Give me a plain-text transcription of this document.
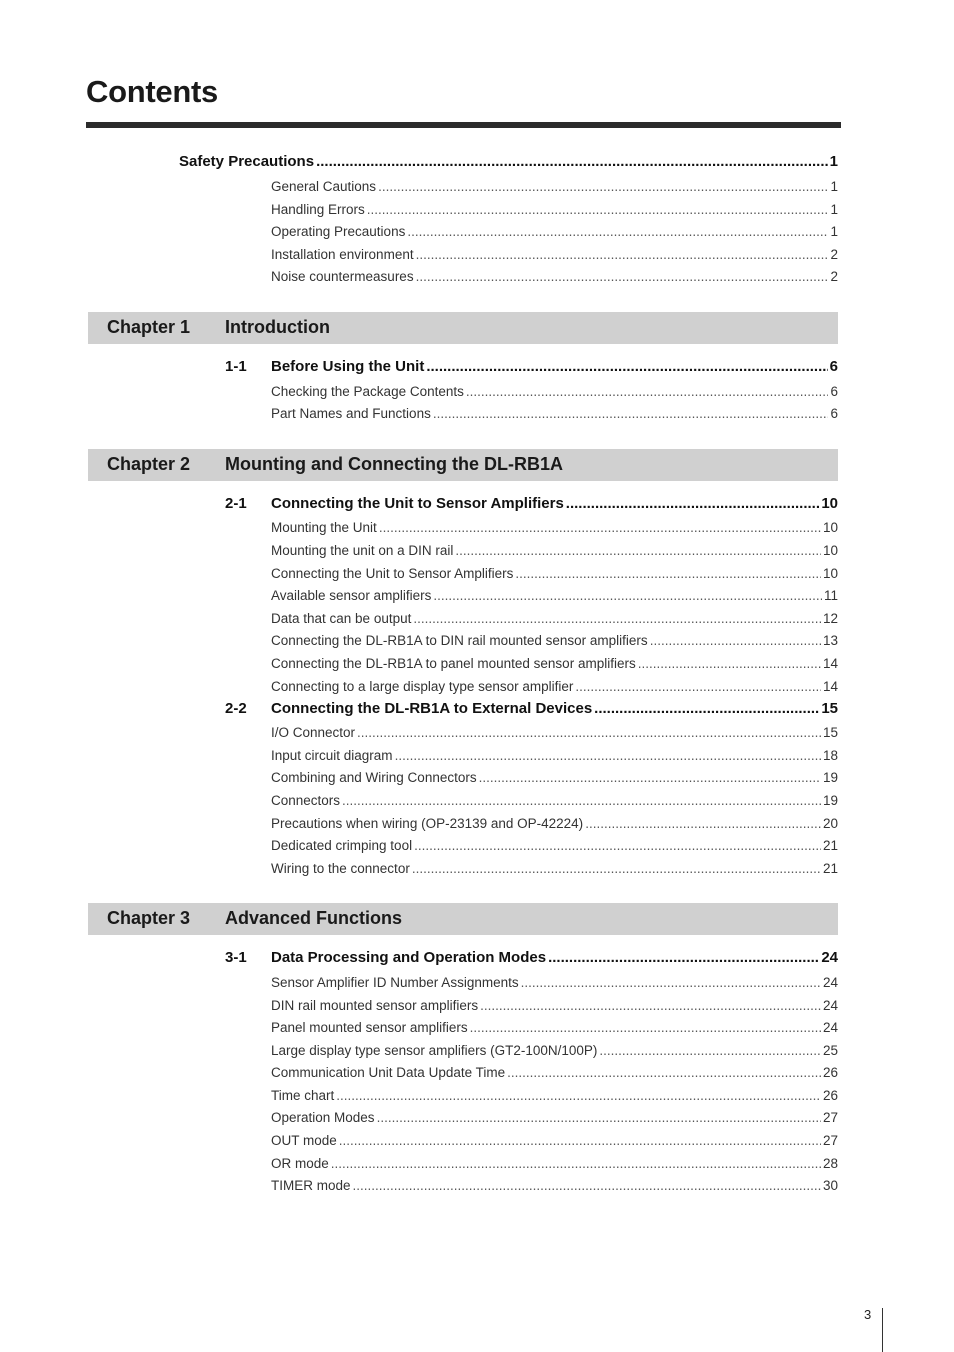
Contents
Safety Precautions .....	1
General Cautions .....	1
Handling Errors .....	1
Operating Precautions .....	1
Installation environment .....	2
Noise countermeasures .....	2
Chapter 1 Introduction
1-1 Before Using the Unit .....	6
Checking the Package Contents .....	6
Part Names and Functions .....	6
Chapter 2 Mounting and Connecting the DL-RB1A
2-1 Connecting the Unit to Sensor Amplifiers .....	10
Mounting the Unit .....	10
Mounting the unit on a DIN rail .....	10
Connecting the Unit to Sensor Amplifiers .....	10
Available sensor amplifiers .....	11
Data that can be output .....	12
Connecting the DL-RB1A to DIN rail mounted sensor amplifiers .....	13
Connecting the DL-RB1A to panel mounted sensor amplifiers .....	14
Connecting to a large display type sensor amplifier .....	14
2-2 Connecting the DL-RB1A to External Devices .....	15
I/O Connector .....	15
Input circuit diagram .....	18
Combining and Wiring Connectors .....	19
Connectors .....	19
Precautions when wiring (OP-23139 and OP-42224) .....	20
Dedicated crimping tool .....	21
Wiring to the connector .....	21
Chapter 3 Advanced Functions
3-1 Data Processing and Operation Modes .....	24
Sensor Amplifier ID Number Assignments .....	24
DIN rail mounted sensor amplifiers .....	24
Panel mounted sensor amplifiers .....	24
Large display type sensor amplifiers (GT2-100N/100P) .....	25
Communication Unit Data Update Time .....	26
Time chart .....	26
Operation Modes .....	27
OUT mode .....	27
OR mode .....	28
TIMER mode .....	30
3
